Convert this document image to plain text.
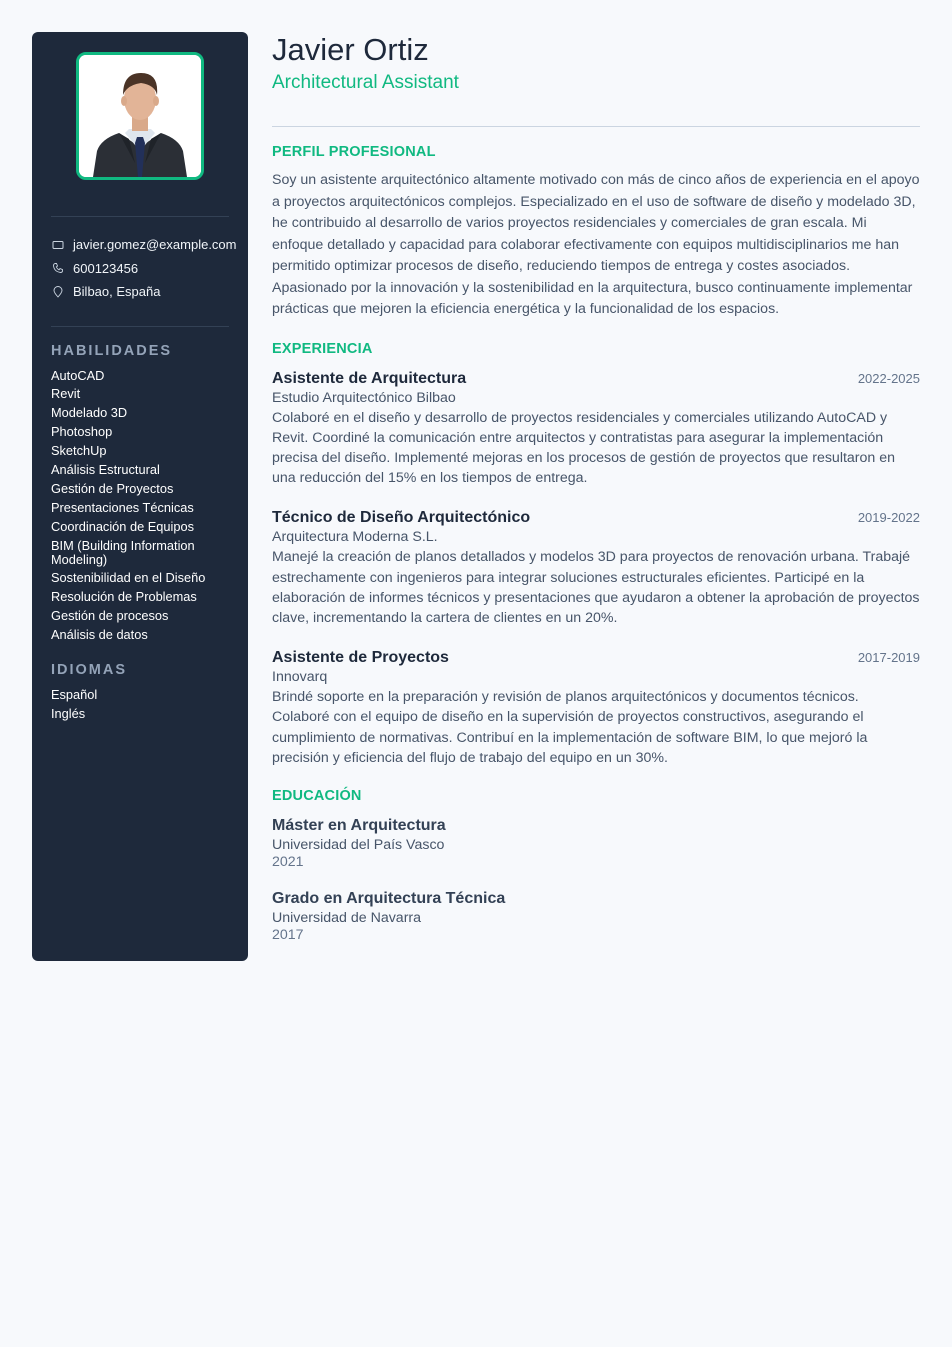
javier.gomez@example.com
600123456
Bilbao, España
HABILIDADES
AutoCAD
Revit
Modelado 3D
Photoshop
SketchUp
Análisis Estructural
Gestión de Proyectos
Presentaciones Técnicas
Coordinación de Equipos
BIM (Building Information Modeling)
Sostenibilidad en el Diseño
Resolución de Problemas
Gestión de procesos
Análisis de datos
IDIOMAS
Español
Inglés
Javier Ortiz
Architectural Assistant
PERFIL PROFESIONAL

Soy un asistente arquitectónico altamente motivado con más de cinco años de experiencia en el apoyo a proyectos arquitectónicos complejos. Especializado en el uso de software de diseño y modelado 3D, he contribuido al desarrollo de varios proyectos residenciales y comerciales de gran escala. Mi enfoque detallado y capacidad para colaborar efectivamente con equipos multidisciplinarios me han permitido optimizar procesos de diseño, reduciendo tiempos de entrega y costes asociados. Apasionado por la innovación y la sostenibilidad en la arquitectura, busco continuamente implementar prácticas que mejoren la eficiencia energética y la funcionalidad de los espacios.

EXPERIENCIA
Asistente de Arquitectura	2022-2025
Estudio Arquitectónico Bilbao

Colaboré en el diseño y desarrollo de proyectos residenciales y comerciales utilizando AutoCAD y Revit. Coordiné la comunicación entre arquitectos y contratistas para asegurar la implementación precisa del diseño. Implementé mejoras en los procesos de gestión de proyectos que resultaron en una reducción del 15% en los tiempos de entrega.

Técnico de Diseño Arquitectónico	2019-2022
Arquitectura Moderna S.L.

Manejé la creación de planos detallados y modelos 3D para proyectos de renovación urbana. Trabajé estrechamente con ingenieros para integrar soluciones estructurales eficientes. Participé en la elaboración de informes técnicos y presentaciones que ayudaron a obtener la aprobación de proyectos clave, incrementando la cartera de clientes en un 20%.

Asistente de Proyectos	2017-2019
Innovarq

Brindé soporte en la preparación y revisión de planos arquitectónicos y documentos técnicos. Colaboré con el equipo de diseño en la supervisión de proyectos constructivos, asegurando el cumplimiento de normativas. Contribuí en la implementación de software BIM, lo que mejoró la precisión y eficiencia del flujo de trabajo del equipo en un 30%.

EDUCACIÓN
Máster en Arquitectura
Universidad del País Vasco
2021
Grado en Arquitectura Técnica
Universidad de Navarra
2017
